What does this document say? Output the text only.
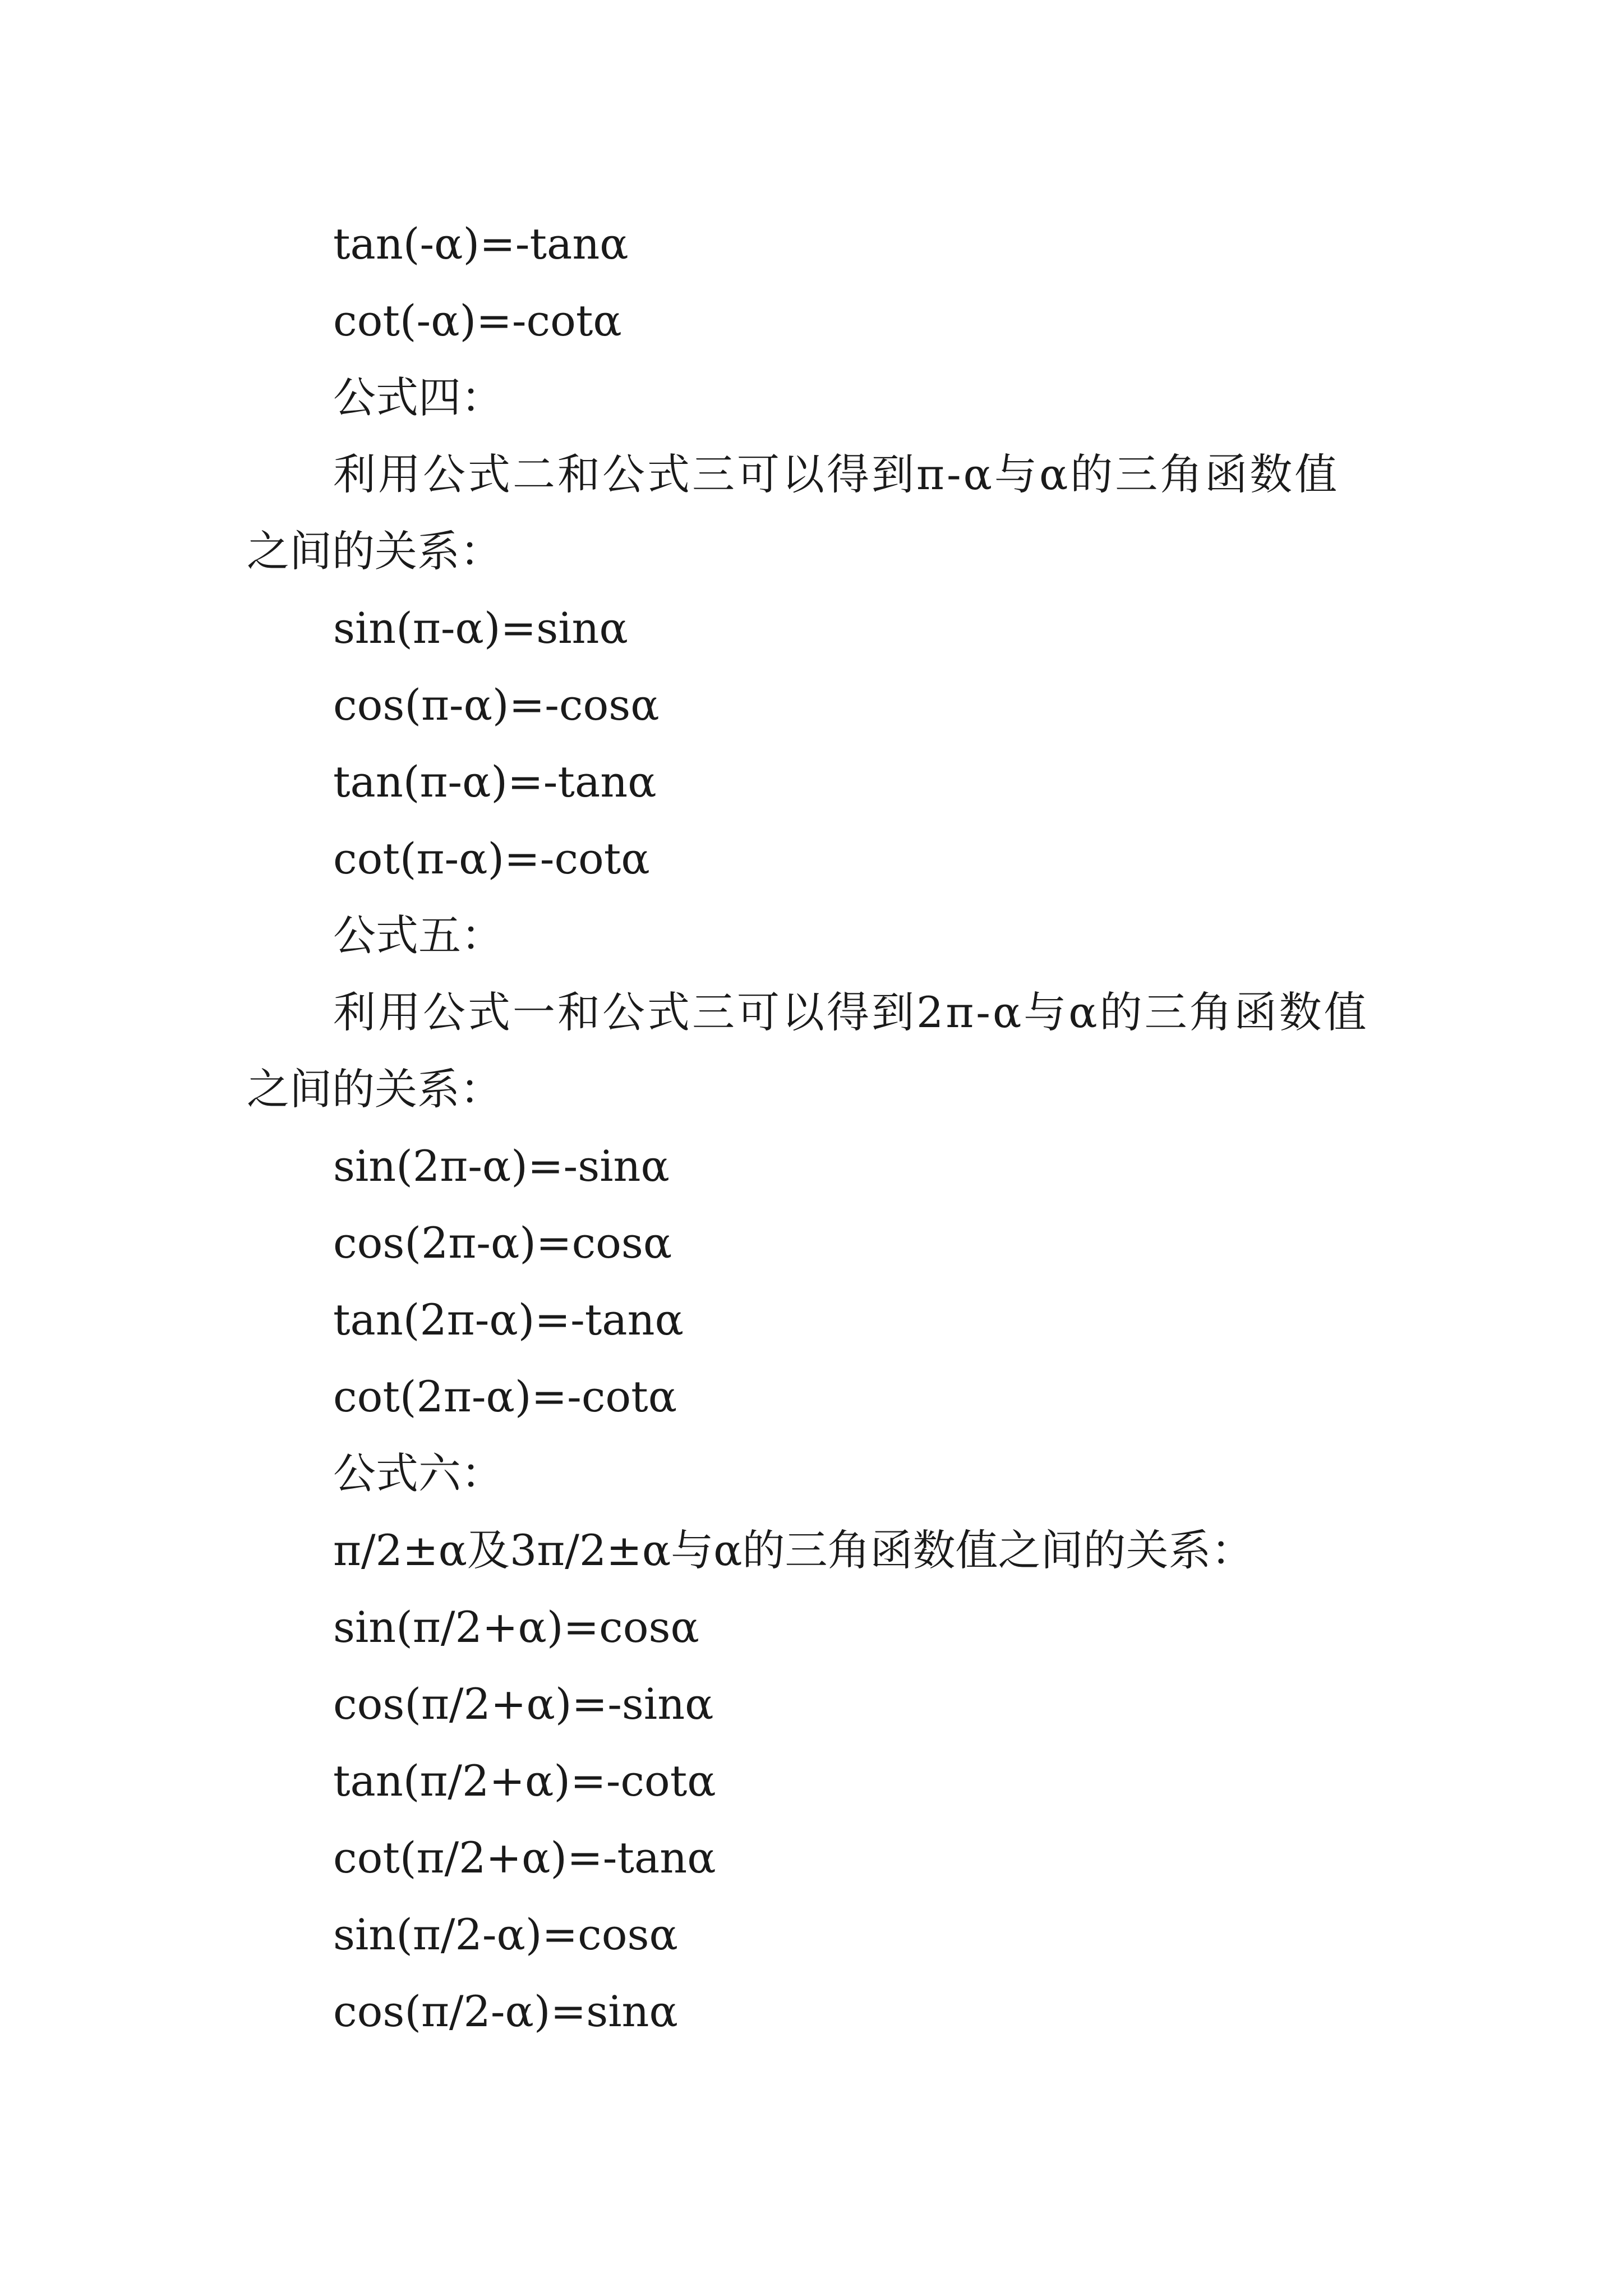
tan(-α)=-tanα
cot(-α)=-cotα
公式四：
利用公式二和公式三可以得到π-α与α的三角函数值
之间的关系：
sin(π-α)=sinα
cos(π-α)=-cosα
tan(π-α)=-tanα
cot(π-α)=-cotα
公式五：
利用公式一和公式三可以得到2π-α与α的三角函数值
之间的关系：
sin(2π-α)=-sinα
cos(2π-α)=cosα
tan(2π-α)=-tanα
cot(2π-α)=-cotα
公式六：
π/2±α及3π/2±α与α的三角函数值之间的关系：
sin(π/2+α)=cosα
cos(π/2+α)=-sinα
tan(π/2+α)=-cotα
cot(π/2+α)=-tanα
sin(π/2-α)=cosα
cos(π/2-α)=sinα
